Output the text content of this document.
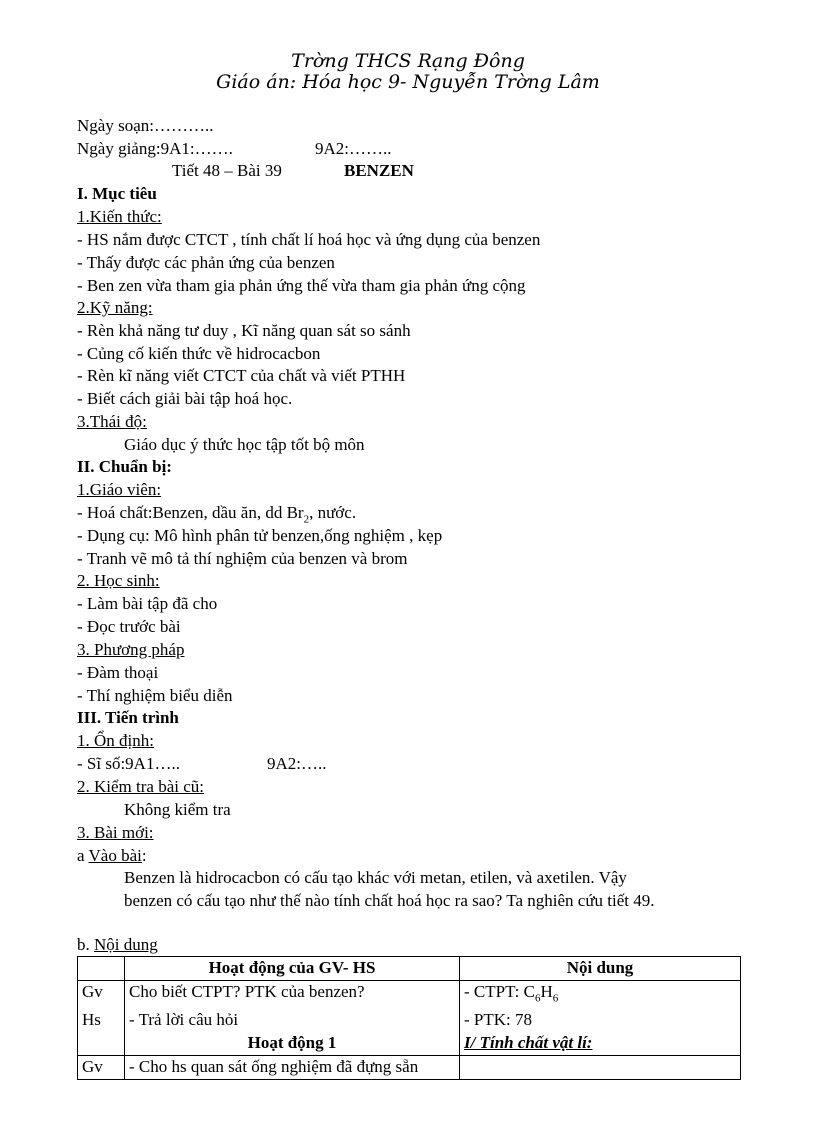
Trờng THCS Rạng Đông
Giáo án: Hóa học 9- Nguyễn Trờng Lâm
Ngày soạn:………..
Ngày giảng:9A1:…….	9A2:……..
Tiết 48 – Bài 39	BENZEN
I. Mục tiêu
1.Kiến thức:
- HS nắm được CTCT , tính chất lí hoá học và ứng dụng của benzen
- Thấy được các phản ứng của benzen
- Ben zen vừa tham gia phản ứng thế vừa tham gia phản ứng cộng
2.Kỹ năng:
- Rèn khả năng tư duy , Kĩ năng quan sát so sánh
- Củng cố kiến thức về hidrocacbon
- Rèn kĩ năng viết CTCT của chất và viết PTHH
- Biết cách giải bài tập hoá học.
3.Thái độ:
Giáo dục ý thức học tập tốt bộ môn
II. Chuẩn bị:
1.Giáo viên:
- Hoá chất:Benzen, dầu ăn, dd $Br_2$, nước.
- Dụng cụ: Mô hình phân tử benzen,ống nghiệm , kẹp
- Tranh vẽ mô tả thí nghiệm của benzen và brom
2. Học sinh:
- Làm bài tập đã cho
- Đọc trước bài
3. Phương pháp
- Đàm thoại
- Thí nghiệm biểu diễn
III. Tiến trình
1. Ổn định:
- Sĩ số:9A1…..	9A2:…..
2. Kiểm tra bài cũ:
Không kiểm tra
3. Bài mới:
a Vào bài:
Benzen là hidrocacbon có cấu tạo khác với metan, etilen, và axetilen. Vậy
benzen có cấu tạo như thế nào tính chất hoá học ra sao? Ta nghiên cứu tiết 49.
b. Nội dung
	Hoạt động của GV- HS	Nội dung
Gv	Cho biết CTPT? PTK của benzen?	- CTPT: $C_6H_6$
Hs	- Trả lời câu hỏi	- PTK: 78
	Hoạt động 1	I/ Tính chất vật lí:
Gv	- Cho hs quan sát ống nghiệm đã đựng sẵn	
